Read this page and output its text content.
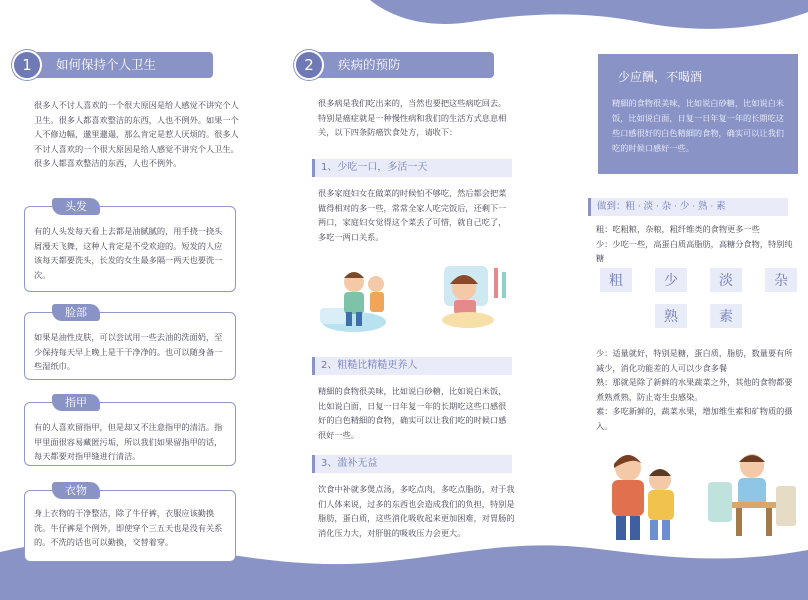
1	如何保持个人卫生
很多人不讨人喜欢的一个很大原因是给人感觉不讲究个人卫生。很多人都喜欢整洁的东西，人也不例外。如果一个人不修边幅，邋里邋遢，那么肯定是惹人厌烦的。很多人不讨人喜欢的一个很大原因是给人感觉不讲究个人卫生。很多人都喜欢整洁的东西，人也不例外。
头发
有的人头发每天看上去都是油腻腻的，用手挠一挠头屑漫天飞舞，这种人肯定是不受欢迎的。短发的人应该每天都要洗头，长发的女生最多隔一两天也要洗一次。
脸部
如果是油性皮肤，可以尝试用一些去油的洗面奶，至少保持每天早上晚上是干干净净的。也可以随身备一些湿纸巾。
指甲
有的人喜欢留指甲，但是却又不注意指甲的清洁。指甲里面很容易藏匿污垢，所以我们如果留指甲的话，每天都要对指甲缝进行清洁。
衣物
身上衣物的干净整洁，除了牛仔裤，衣服应该勤换洗。牛仔裤是个例外，即使穿个三五天也是没有关系的。不洗的话也可以勤换，交替着穿。
2	疾病的预防
很多病是我们吃出来的，当然也要把这些病吃回去。特别是癌症就是一种慢性病和我们的生活方式息息相关，以下四条防癌饮食处方，请收下：
1、少吃一口，多活一天
很多家庭妇女在做菜的时候怕不够吃，然后都会把菜做得相对的多一些，常常全家人吃完饭后，还剩下一两口，家庭妇女觉得这个菜丢了可惜，就自己吃了，多吃一两口关系。
2、粗糙比精糙更养人
精細的食物很美味，比如说白砂糖，比如说白米饭，比如说白面，日复一日年复一年的长期吃这些口感很好的白色精細的食物，确实可以让我们吃的时候口感很好一些。
3、滥补无益
饮食中补就多煲点汤，多吃点肉，多吃点脂肪，对于我们人体来说，过多的东西也会造成我们的负担，特别是脂肪，蛋白质，这些消化吸收起来更加困难，对胃肠的消化压力大，对肝脏的吸收压力会更大。
少应酬，不喝酒
精細的食物很美味，比如说白砂糖，比如说白米饭，比如说白面，日复一日年复一年的长期吃这些口感很好的白色精細的食物，确实可以让我们吃的时候口感好一些。
做到：粗 ‧ 淡 ‧ 杂 ‧ 少 ‧ 熟 ‧ 素
粗：吃粗粮，杂粮，粗纤维类的食物更多一些
少：少吃一些，高蛋白质高脂肪，高糖分食物，特别纯糖
粗	少	淡	杂
熟	素
少：适量就好，特别是糖，蛋白质，脂肪，数量要有所减少，消化功能差的人可以少食多餐
熟：那就是除了新鲜的水果蔬菜之外，其他的食物都要煮熟煮熟，防止寄生虫感染。
素：多吃新鲜的，蔬菜水果，增加维生素和矿物质的摄入。
